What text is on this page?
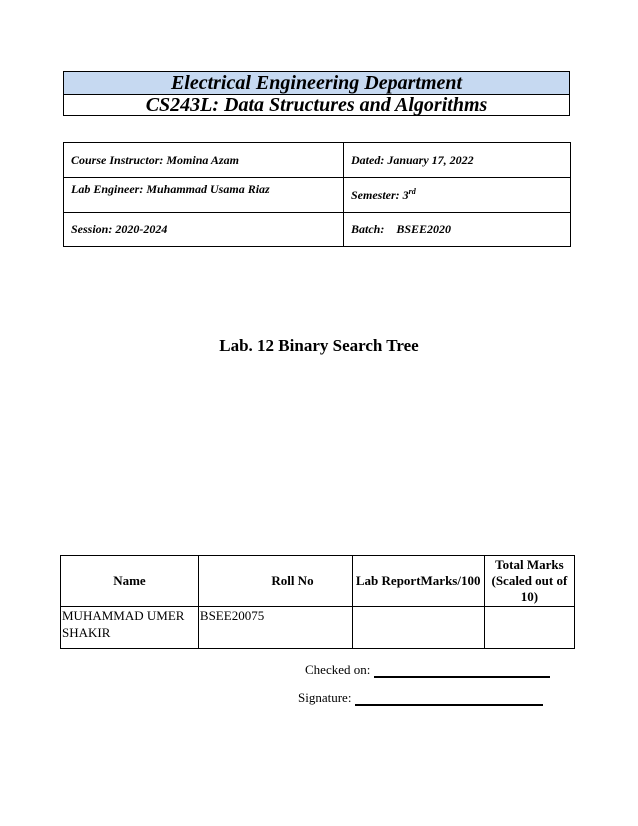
Electrical Engineering Department
CS243L: Data Structures and Algorithms
Course Instructor: Momina Azam	Dated: January 17, 2022
Lab Engineer: Muhammad Usama Riaz	Semester: 3rd
Session: 2020-2024	Batch:    BSEE2020
Lab. 12 Binary Search Tree
Name	Roll No	Lab ReportMarks/100	Total Marks
(Scaled out of 10)

MUHAMMAD UMER
SHAKIR	BSEE20075		
Checked on:
Signature:
